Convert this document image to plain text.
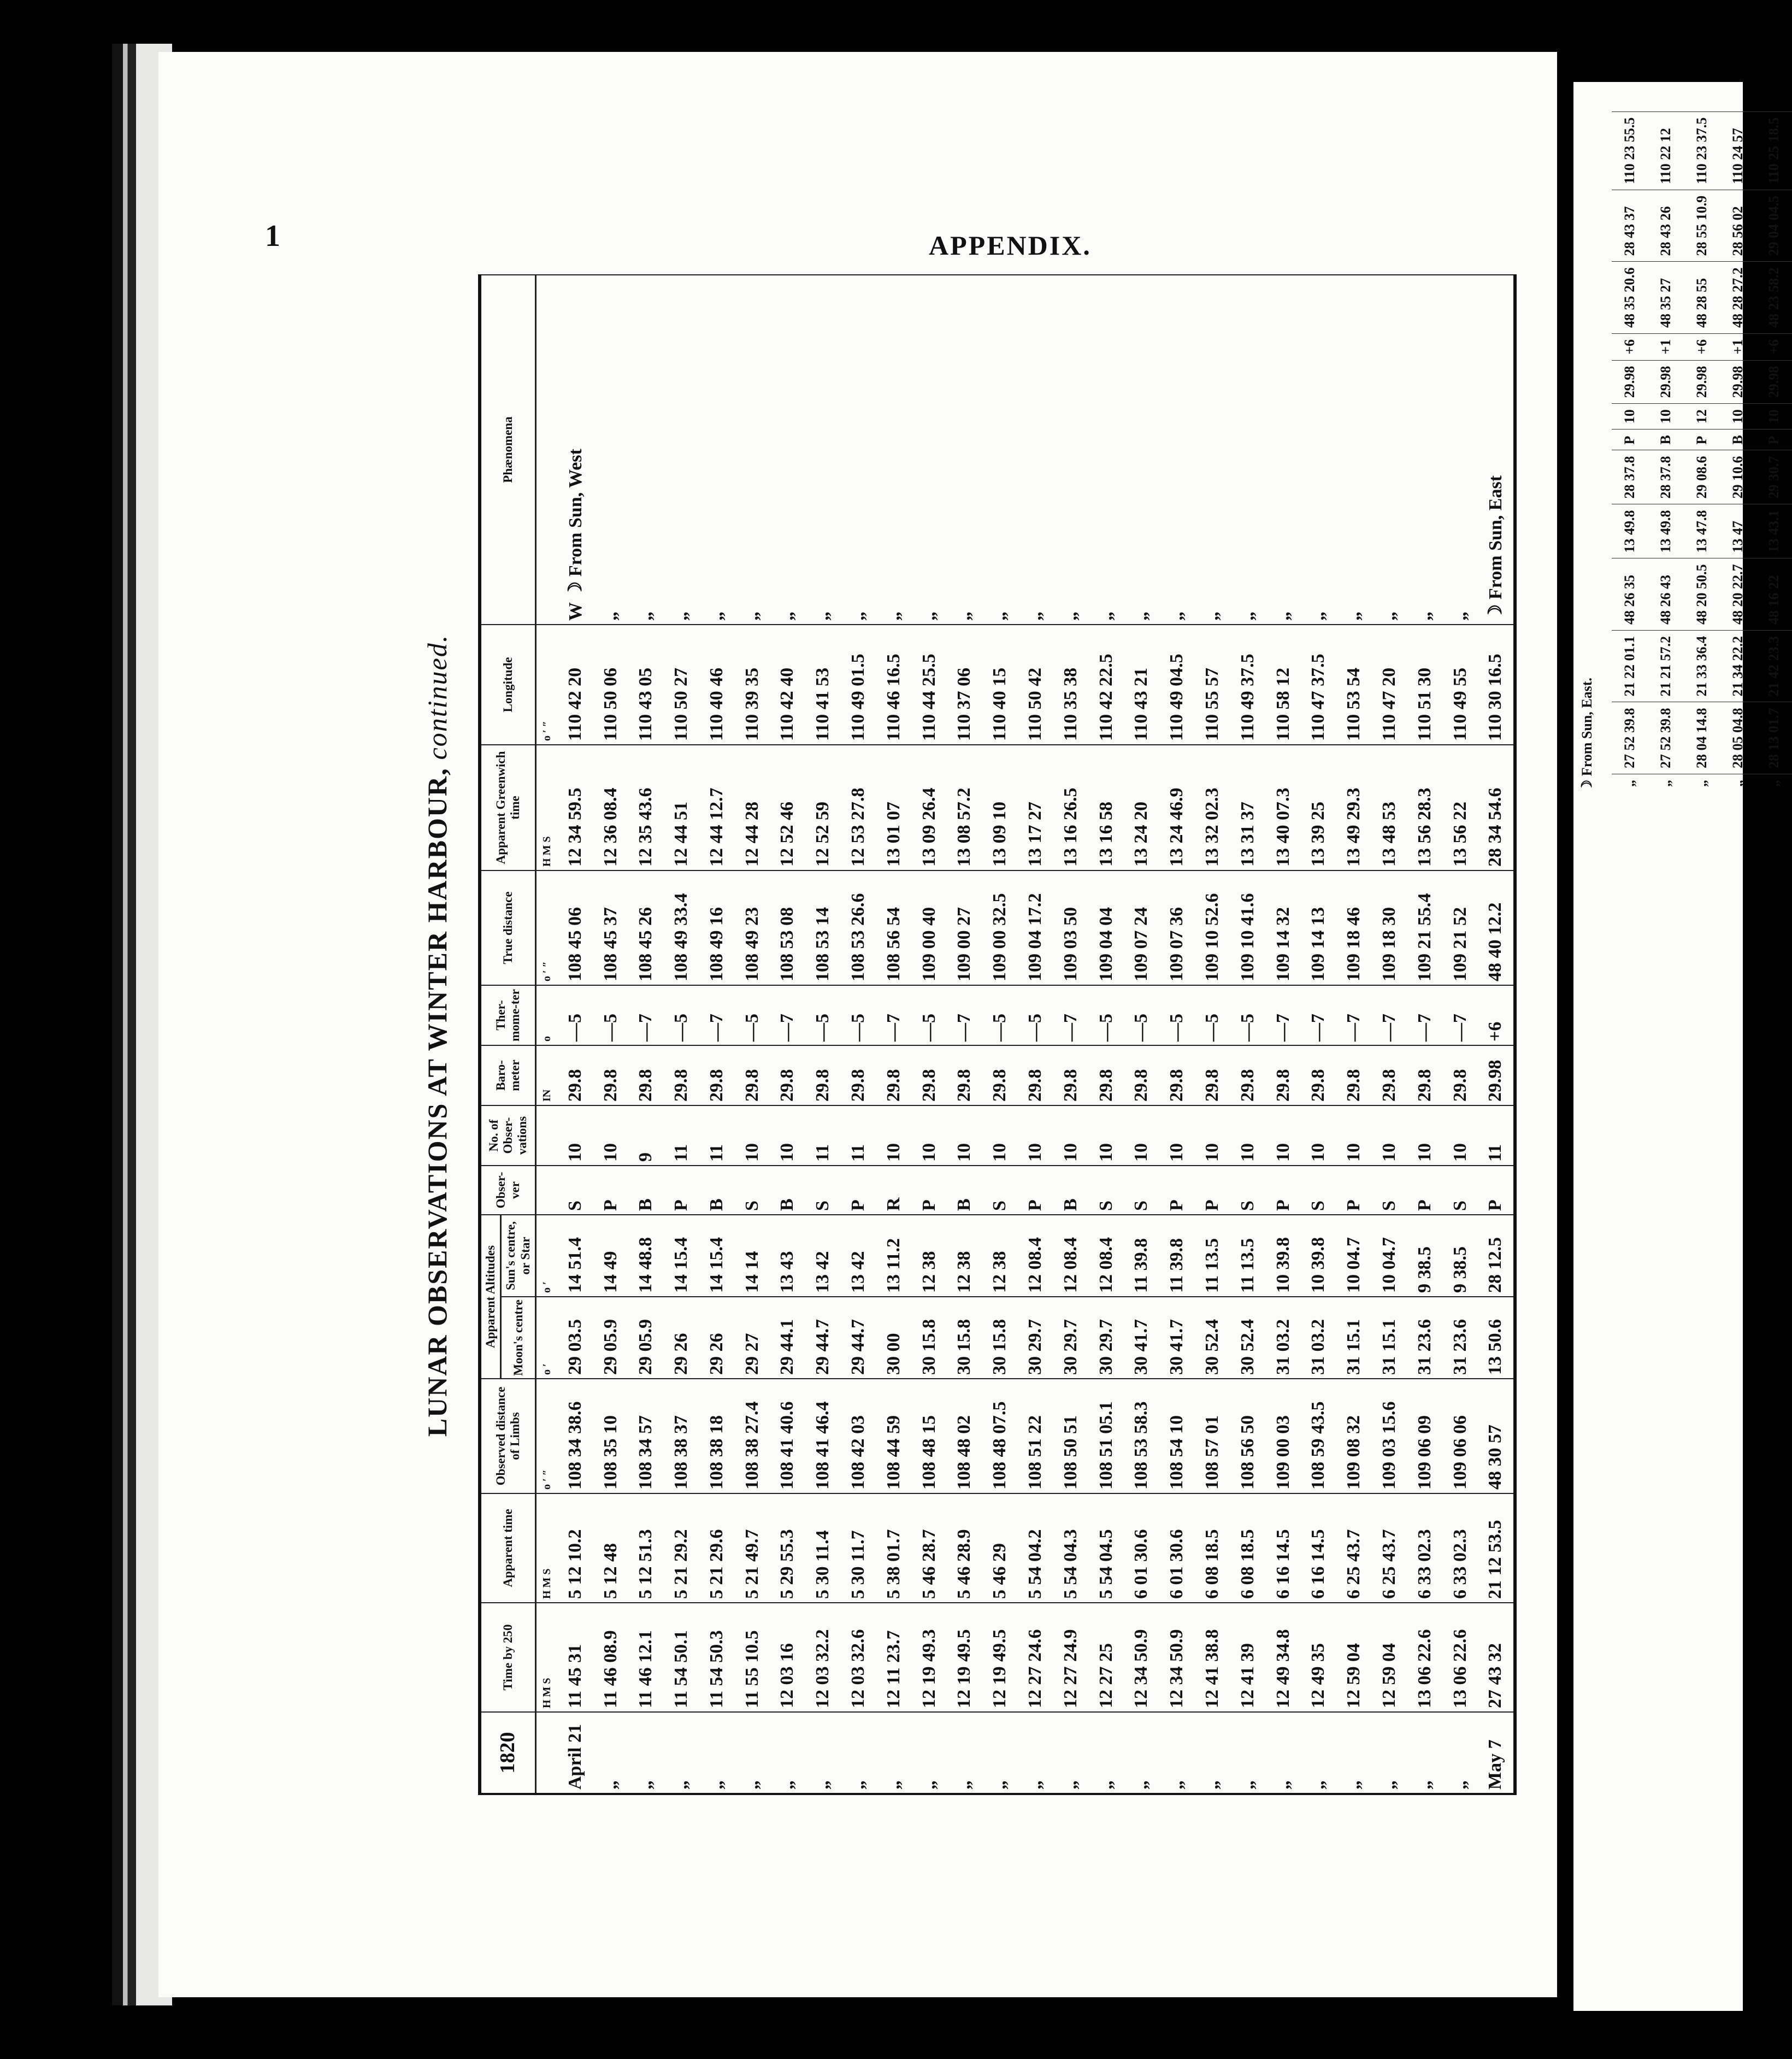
1	APPENDIX.
LUNAR OBSERVATIONS AT WINTER HARBOUR,
continued.
1820	Time by 250	Apparent time	Observed distance of Limbs	Apparent Altitudes		Obser-ver	No. of Obser-vations	Baro-meter	Ther-mome-ter	True distance	Apparent Greenwich time	Longitude	Phænomena
				Moon's centre	Sun's centre, or Star								
	H M S	H M S	o ′ ″	o ′	o ′			IN	o	o ′ ″	H M S	o ′ ″	
April 21	11 45 31	5 12 10.2	108 34 38.6	29 03.5	14 51.4	S	10	29.8	—5	108 45 06	12 34 59.5	110 42 20	W ☽ From Sun, West
„	11 46 08.9	5 12 48	108 35 10	29 05.9	14 49	P	10	29.8	—5	108 45 37	12 36 08.4	110 50 06	„
„	11 46 12.1	5 12 51.3	108 34 57	29 05.9	14 48.8	B	9	29.8	—7	108 45 26	12 35 43.6	110 43 05	„
„	11 54 50.1	5 21 29.2	108 38 37	29 26	14 15.4	P	11	29.8	—5	108 49 33.4	12 44 51	110 50 27	„
„	11 54 50.3	5 21 29.6	108 38 18	29 26	14 15.4	B	11	29.8	—7	108 49 16	12 44 12.7	110 40 46	„
„	11 55 10.5	5 21 49.7	108 38 27.4	29 27	14 14	S	10	29.8	—5	108 49 23	12 44 28	110 39 35	„
„	12 03 16	5 29 55.3	108 41 40.6	29 44.1	13 43	B	10	29.8	—7	108 53 08	12 52 46	110 42 40	„
„	12 03 32.2	5 30 11.4	108 41 46.4	29 44.7	13 42	S	11	29.8	—5	108 53 14	12 52 59	110 41 53	„
„	12 03 32.6	5 30 11.7	108 42 03	29 44.7	13 42	P	11	29.8	—5	108 53 26.6	12 53 27.8	110 49 01.5	„
„	12 11 23.7	5 38 01.7	108 44 59	30 00	13 11.2	R	10	29.8	—7	108 56 54	13 01 07	110 46 16.5	„
„	12 19 49.3	5 46 28.7	108 48 15	30 15.8	12 38	P	10	29.8	—5	109 00 40	13 09 26.4	110 44 25.5	„
„	12 19 49.5	5 46 28.9	108 48 02	30 15.8	12 38	B	10	29.8	—7	109 00 27	13 08 57.2	110 37 06	„
„	12 19 49.5	5 46 29	108 48 07.5	30 15.8	12 38	S	10	29.8	—5	109 00 32.5	13 09 10	110 40 15	„
„	12 27 24.6	5 54 04.2	108 51 22	30 29.7	12 08.4	P	10	29.8	—5	109 04 17.2	13 17 27	110 50 42	„
„	12 27 24.9	5 54 04.3	108 50 51	30 29.7	12 08.4	B	10	29.8	—7	109 03 50	13 16 26.5	110 35 38	„
„	12 27 25	5 54 04.5	108 51 05.1	30 29.7	12 08.4	S	10	29.8	—5	109 04 04	13 16 58	110 42 22.5	„
„	12 34 50.9	6 01 30.6	108 53 58.3	30 41.7	11 39.8	S	10	29.8	—5	109 07 24	13 24 20	110 43 21	„
„	12 34 50.9	6 01 30.6	108 54 10	30 41.7	11 39.8	P	10	29.8	—5	109 07 36	13 24 46.9	110 49 04.5	„
„	12 41 38.8	6 08 18.5	108 57 01	30 52.4	11 13.5	P	10	29.8	—5	109 10 52.6	13 32 02.3	110 55 57	„
„	12 41 39	6 08 18.5	108 56 50	30 52.4	11 13.5	S	10	29.8	—5	109 10 41.6	13 31 37	110 49 37.5	„
„	12 49 34.8	6 16 14.5	109 00 03	31 03.2	10 39.8	P	10	29.8	—7	109 14 32	13 40 07.3	110 58 12	„
„	12 49 35	6 16 14.5	108 59 43.5	31 03.2	10 39.8	S	10	29.8	—7	109 14 13	13 39 25	110 47 37.5	„
„	12 59 04	6 25 43.7	109 08 32	31 15.1	10 04.7	P	10	29.8	—7	109 18 46	13 49 29.3	110 53 54	„
„	12 59 04	6 25 43.7	109 03 15.6	31 15.1	10 04.7	S	10	29.8	—7	109 18 30	13 48 53	110 47 20	„
„	13 06 22.6	6 33 02.3	109 06 09	31 23.6	9 38.5	P	10	29.8	—7	109 21 55.4	13 56 28.3	110 51 30	„
„	13 06 22.6	6 33 02.3	109 06 06	31 23.6	9 38.5	S	10	29.8	—7	109 21 52	13 56 22	110 49 55	„
May 7	27 43 32	21 12 53.5	48 30 57	13 50.6	28 12.5	P	11	29.98	+6	48 40 12.2	28 34 54.6	110 30 16.5	☽ From Sun, East
☽ From Sun, East.	„	27 52 39.8	21 22 01.1	48 26 35	13 49.8	28 37.8	P	10	29.98	+6	48 35 20.6	28 43 37	110 23 55.5
„	27 52 39.8	21 21 57.2	48 26 43	13 49.8	28 37.8	B	10	29.98	+1	48 35 27	28 43 26	110 22 12
„	28 04 14.8	21 33 36.4	48 20 50.5	13 47.8	29 08.6	P	12	29.98	+6	48 28 55	28 55 10.9	110 23 37.5
„	28 05 04.8	21 34 22.2	48 20 22.7	13 47	29 10.6	B	10	29.98	+1	48 28 27.2	28 56 02	110 24 57
„	28 13 01.7	21 42 23.3	48 16 22	13 43.1	29 30.7	P	10	29.98	+6	48 23 58.2	29 04 04.5	110 25 18.5
